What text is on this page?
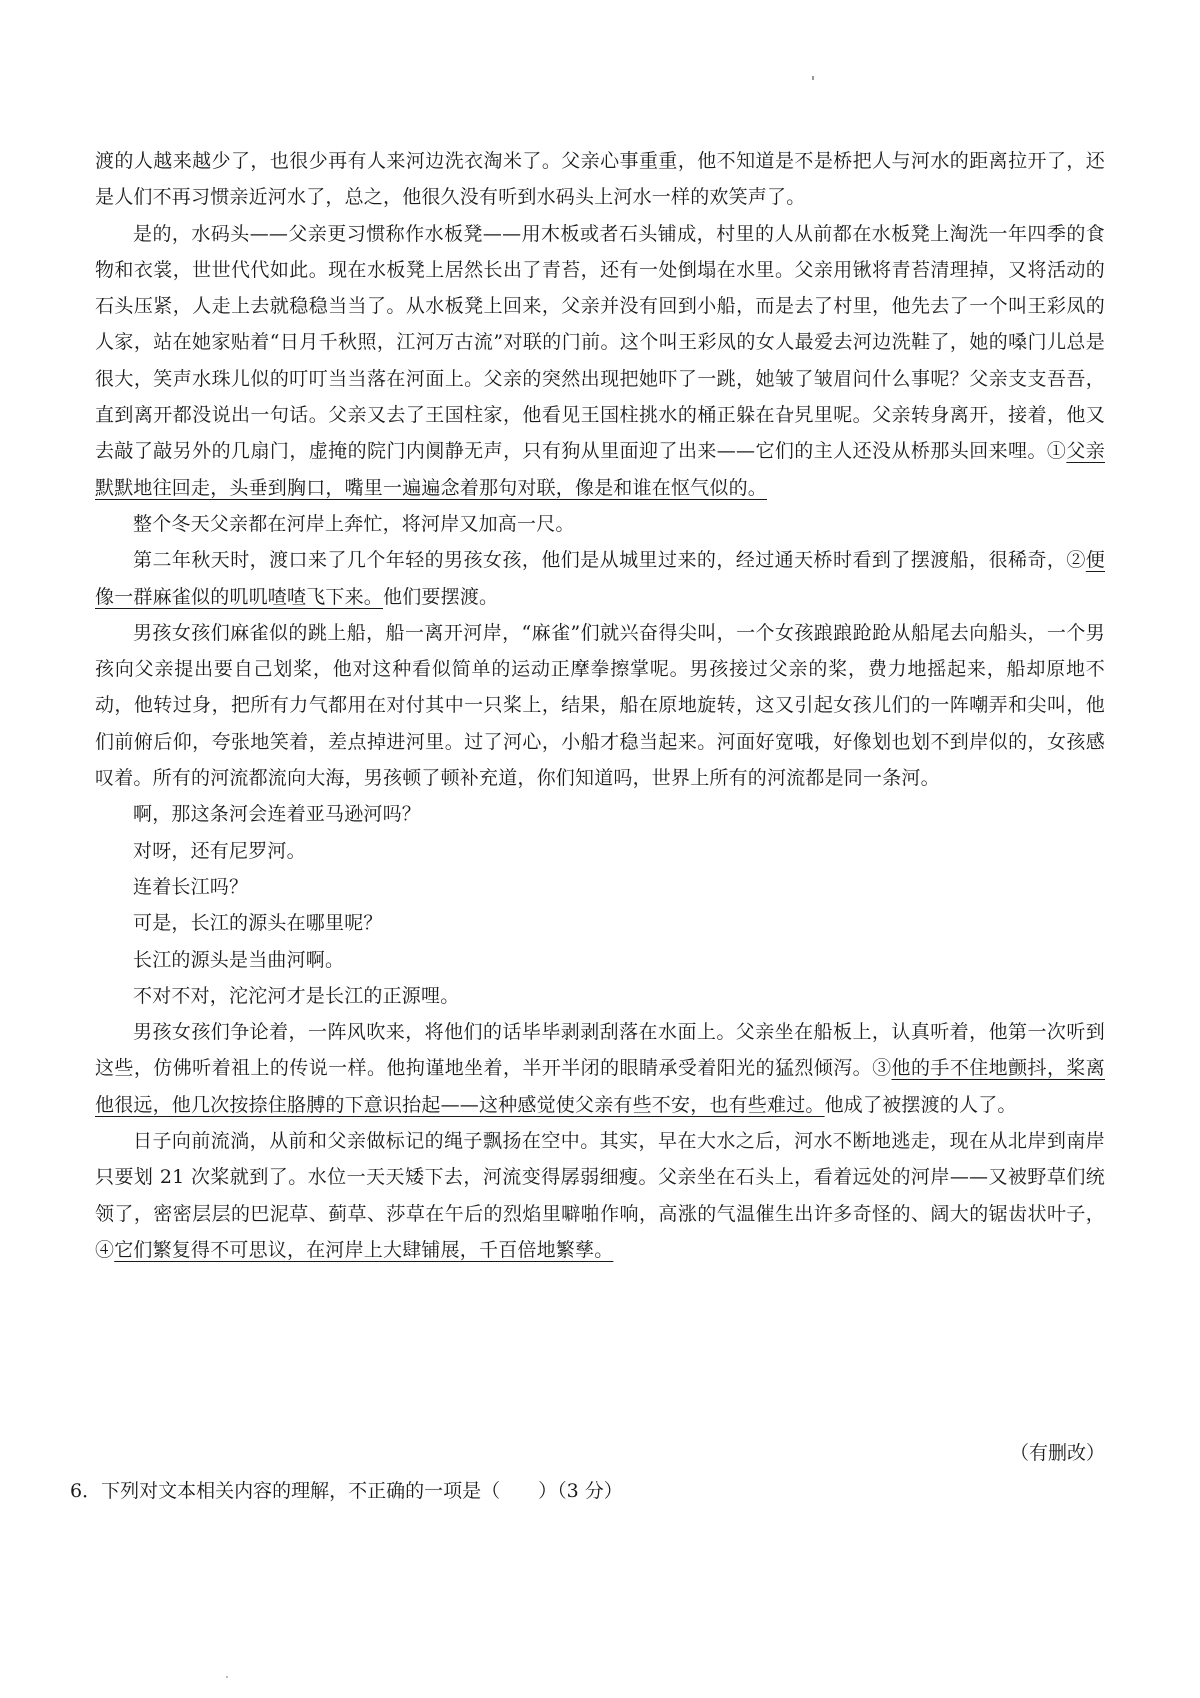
渡的人越来越少了，也很少再有人来河边洗衣淘米了。父亲心事重重，他不知道是不是桥把人与河水的距离拉开了，还是人们不再习惯亲近河水了，总之，他很久没有听到水码头上河水一样的欢笑声了。

是的，水码头——父亲更习惯称作水板凳——用木板或者石头铺成，村里的人从前都在水板凳上淘洗一年四季的食物和衣裳，世世代代如此。现在水板凳上居然长出了青苔，还有一处倒塌在水里。父亲用锹将青苔清理掉，又将活动的石头压紧，人走上去就稳稳当当了。从水板凳上回来，父亲并没有回到小船，而是去了村里，他先去了一个叫王彩凤的人家，站在她家贴着“日月千秋照，江河万古流”对联的门前。这个叫王彩凤的女人最爱去河边洗鞋了，她的嗓门儿总是很大，笑声水珠儿似的叮叮当当落在河面上。父亲的突然出现把她吓了一跳，她皱了皱眉问什么事呢？父亲支支吾吾，直到离开都没说出一句话。父亲又去了王国柱家，他看见王国柱挑水的桶正躲在旮旯里呢。父亲转身离开，接着，他又去敲了敲另外的几扇门，虚掩的院门内阒静无声，只有狗从里面迎了出来——它们的主人还没从桥那头回来哩。①父亲默默地往回走，头垂到胸口，嘴里一遍遍念着那句对联，像是和谁在怄气似的。

整个冬天父亲都在河岸上奔忙，将河岸又加高一尺。

第二年秋天时，渡口来了几个年轻的男孩女孩，他们是从城里过来的，经过通天桥时看到了摆渡船，很稀奇，②便像一群麻雀似的叽叽喳喳飞下来。他们要摆渡。

男孩女孩们麻雀似的跳上船，船一离开河岸，“麻雀”们就兴奋得尖叫，一个女孩踉踉跄跄从船尾去向船头，一个男孩向父亲提出要自己划桨，他对这种看似简单的运动正摩拳擦掌呢。男孩接过父亲的桨，费力地摇起来，船却原地不动，他转过身，把所有力气都用在对付其中一只桨上，结果，船在原地旋转，这又引起女孩儿们的一阵嘲弄和尖叫，他们前俯后仰，夸张地笑着，差点掉进河里。过了河心，小船才稳当起来。河面好宽哦，好像划也划不到岸似的，女孩感叹着。所有的河流都流向大海，男孩顿了顿补充道，你们知道吗，世界上所有的河流都是同一条河。

啊，那这条河会连着亚马逊河吗？

对呀，还有尼罗河。

连着长江吗？

可是，长江的源头在哪里呢？

长江的源头是当曲河啊。

不对不对，沱沱河才是长江的正源哩。

男孩女孩们争论着，一阵风吹来，将他们的话毕毕剥剥刮落在水面上。父亲坐在船板上，认真听着，他第一次听到这些，仿佛听着祖上的传说一样。他拘谨地坐着，半开半闭的眼睛承受着阳光的猛烈倾泻。③他的手不住地颤抖，桨离他很远，他几次按捺住胳膊的下意识抬起——这种感觉使父亲有些不安，也有些难过。他成了被摆渡的人了。

日子向前流淌，从前和父亲做标记的绳子飘扬在空中。其实，早在大水之后，河水不断地逃走，现在从北岸到南岸只要划 21 次桨就到了。水位一天天矮下去，河流变得孱弱细瘦。父亲坐在石头上，看着远处的河岸——又被野草们统领了，密密层层的巴泥草、蓟草、莎草在午后的烈焰里噼啪作响，高涨的气温催生出许多奇怪的、阔大的锯齿状叶子，④它们繁复得不可思议，在河岸上大肆铺展，千百倍地繁孳。

（有删改）
6．下列对文本相关内容的理解，不正确的一项是（　　）（3 分）
